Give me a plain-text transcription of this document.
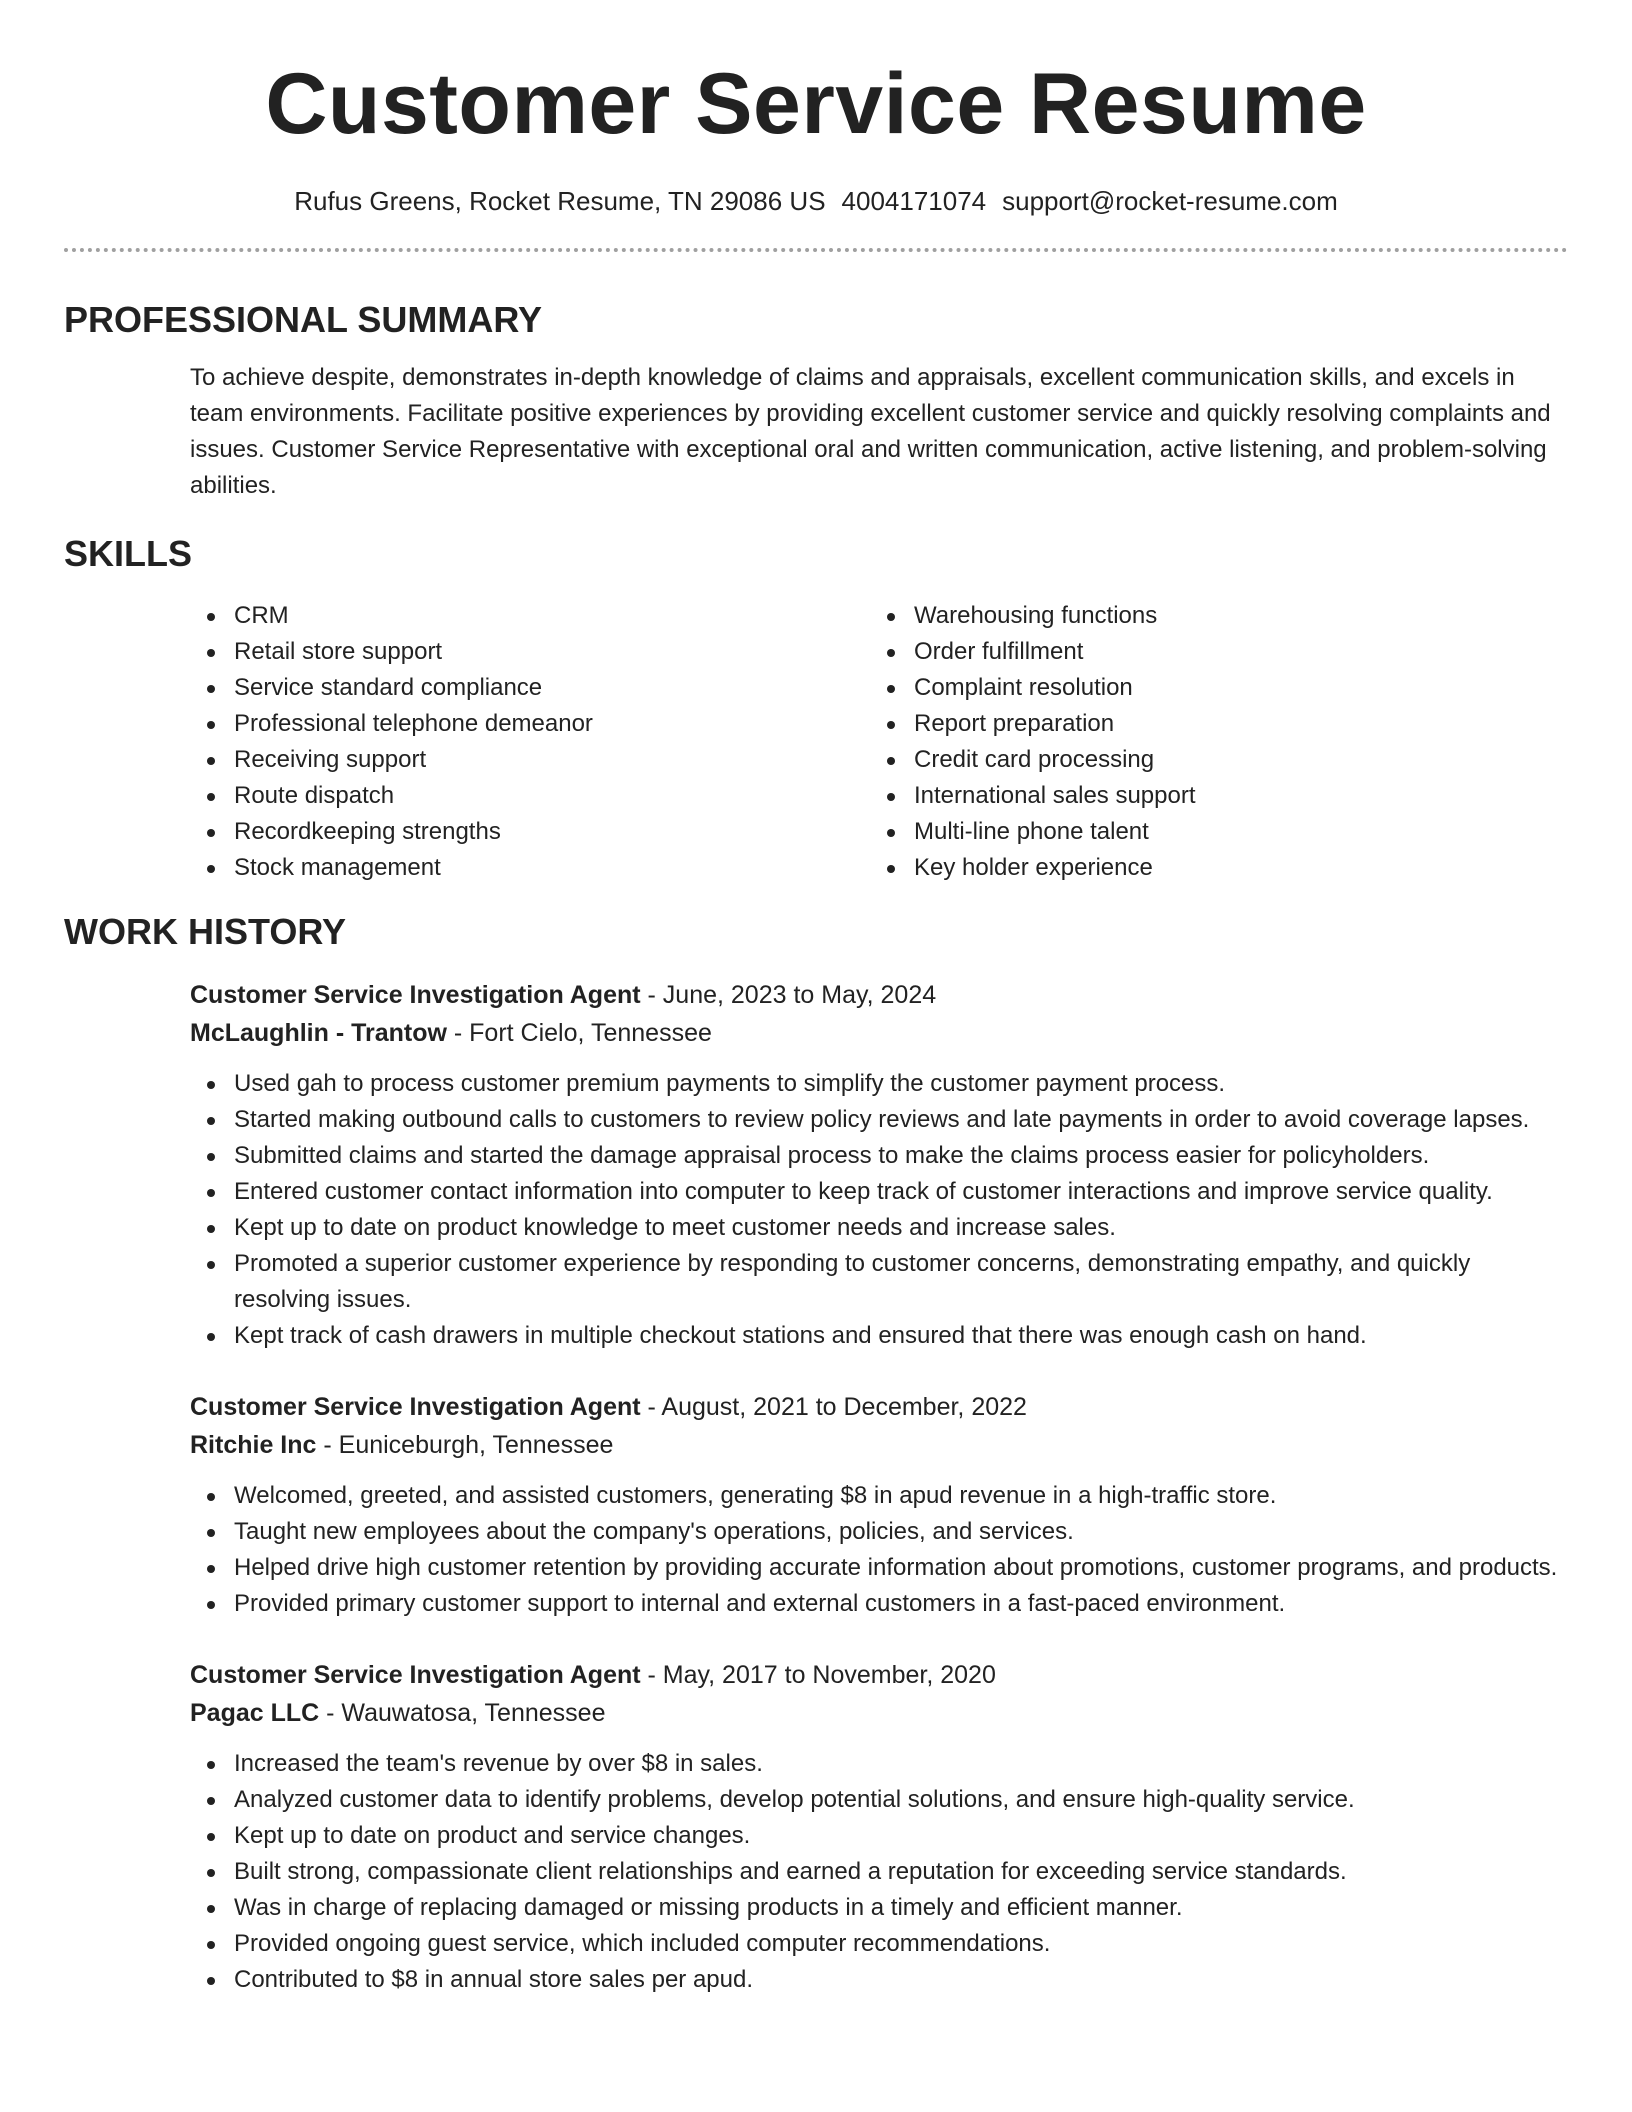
Customer Service Resume
Rufus Greens, Rocket Resume, TN 29086 US 4004171074 support@rocket-resume.com
PROFESSIONAL SUMMARY

To achieve despite, demonstrates in-depth knowledge of claims and appraisals, excellent communication skills, and excels in team environments. Facilitate positive experiences by providing excellent customer service and quickly resolving complaints and issues. Customer Service Representative with exceptional oral and written communication, active listening, and problem-solving abilities.

SKILLS
CRM
Retail store support
Service standard compliance
Professional telephone demeanor
Receiving support
Route dispatch
Recordkeeping strengths
Stock management
Warehousing functions
Order fulfillment
Complaint resolution
Report preparation
Credit card processing
International sales support
Multi-line phone talent
Key holder experience
WORK HISTORY
Customer Service Investigation Agent - June, 2023 to May, 2024
McLaughlin - Trantow - Fort Cielo, Tennessee
Used gah to process customer premium payments to simplify the customer payment process.
Started making outbound calls to customers to review policy reviews and late payments in order to avoid coverage lapses.
Submitted claims and started the damage appraisal process to make the claims process easier for policyholders.
Entered customer contact information into computer to keep track of customer interactions and improve service quality.
Kept up to date on product knowledge to meet customer needs and increase sales.
Promoted a superior customer experience by responding to customer concerns, demonstrating empathy, and quickly resolving issues.
Kept track of cash drawers in multiple checkout stations and ensured that there was enough cash on hand.
Customer Service Investigation Agent - August, 2021 to December, 2022
Ritchie Inc - Euniceburgh, Tennessee
Welcomed, greeted, and assisted customers, generating $8 in apud revenue in a high-traffic store.
Taught new employees about the company's operations, policies, and services.
Helped drive high customer retention by providing accurate information about promotions, customer programs, and products.
Provided primary customer support to internal and external customers in a fast-paced environment.
Customer Service Investigation Agent - May, 2017 to November, 2020
Pagac LLC - Wauwatosa, Tennessee
Increased the team's revenue by over $8 in sales.
Analyzed customer data to identify problems, develop potential solutions, and ensure high-quality service.
Kept up to date on product and service changes.
Built strong, compassionate client relationships and earned a reputation for exceeding service standards.
Was in charge of replacing damaged or missing products in a timely and efficient manner.
Provided ongoing guest service, which included computer recommendations.
Contributed to $8 in annual store sales per apud.
